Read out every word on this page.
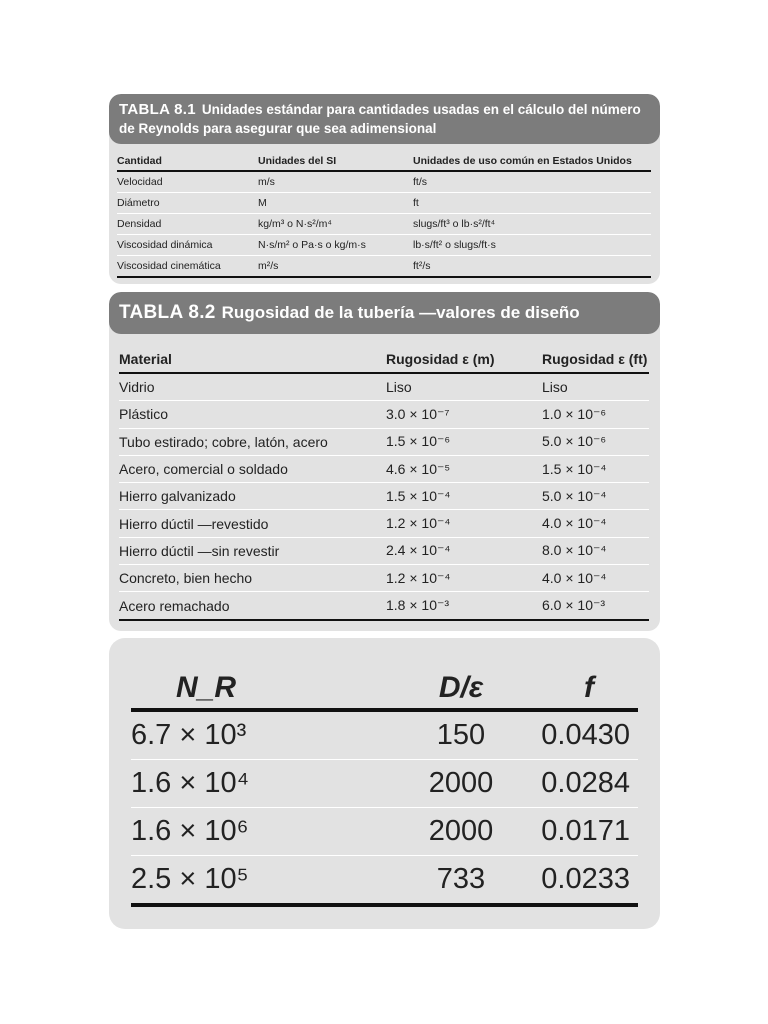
TABLA 8.1 Unidades estándar para cantidades usadas en el cálculo del número de Reynolds para asegurar que sea adimensional
Cantidad	Unidades del SI	Unidades de uso común en Estados Unidos
Velocidad	m/s	ft/s
Diámetro	M	ft
Densidad	kg/m³ o N·s²/m⁴	slugs/ft³ o lb·s²/ft⁴
Viscosidad dinámica	N·s/m² o Pa·s o kg/m·s	lb·s/ft² o slugs/ft·s
Viscosidad cinemática	m²/s	ft²/s
TABLA 8.2 Rugosidad de la tubería —valores de diseño
Material	Rugosidad ε (m)	Rugosidad ε (ft)
Vidrio	Liso	Liso
Plástico	3.0 × 10⁻⁷	1.0 × 10⁻⁶
Tubo estirado; cobre, latón, acero	1.5 × 10⁻⁶	5.0 × 10⁻⁶
Acero, comercial o soldado	4.6 × 10⁻⁵	1.5 × 10⁻⁴
Hierro galvanizado	1.5 × 10⁻⁴	5.0 × 10⁻⁴
Hierro dúctil —revestido	1.2 × 10⁻⁴	4.0 × 10⁻⁴
Hierro dúctil —sin revestir	2.4 × 10⁻⁴	8.0 × 10⁻⁴
Concreto, bien hecho	1.2 × 10⁻⁴	4.0 × 10⁻⁴
Acero remachado	1.8 × 10⁻³	6.0 × 10⁻³
N_R	D/ε	f
6.7 × 10³	150	0.0430
1.6 × 10⁴	2000	0.0284
1.6 × 10⁶	2000	0.0171
2.5 × 10⁵	733	0.0233
